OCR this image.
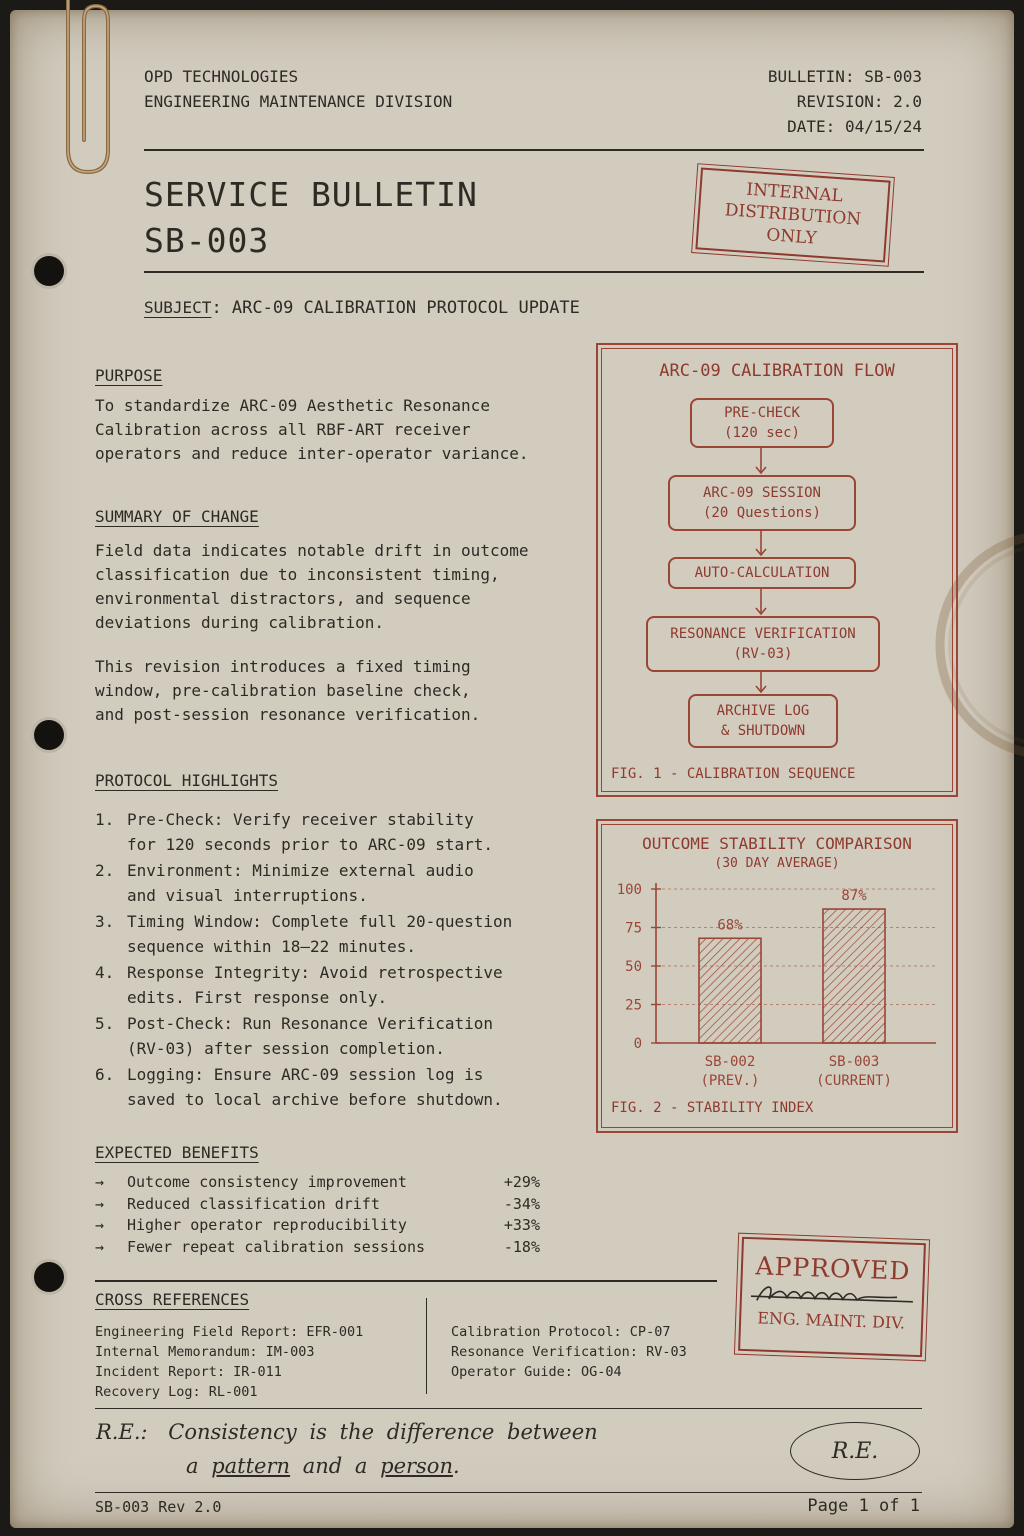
OPD TECHNOLOGIES
ENGINEERING MAINTENANCE DIVISION
BULLETIN: SB-003
REVISION: 2.0
DATE: 04/15/24
SERVICE BULLETIN
SB-003
INTERNAL
DISTRIBUTION
ONLY
SUBJECT: ARC-09 CALIBRATION PROTOCOL UPDATE
PURPOSE
To standardize ARC-09 Aesthetic Resonance
Calibration across all RBF-ART receiver
operators and reduce inter-operator variance.
SUMMARY OF CHANGE
Field data indicates notable drift in outcome
classification due to inconsistent timing,
environmental distractors, and sequence
deviations during calibration.
This revision introduces a fixed timing
window, pre-calibration baseline check,
and post-session resonance verification.
PROTOCOL HIGHLIGHTS
1. Pre-Check: Verify receiver stability
for 120 seconds prior to ARC-09 start.
2. Environment: Minimize external audio
and visual interruptions.
3. Timing Window: Complete full 20-question
sequence within 18–22 minutes.
4. Response Integrity: Avoid retrospective
edits. First response only.
5. Post-Check: Run Resonance Verification
(RV-03) after session completion.
6. Logging: Ensure ARC-09 session log is
saved to local archive before shutdown.
EXPECTED BENEFITS
→ Outcome consistency improvement	+29%
→ Reduced classification drift	-34%
→ Higher operator reproducibility	+33%
→ Fewer repeat calibration sessions	-18%
ARC-09 CALIBRATION FLOW
PRE-CHECK
(120 sec)
ARC-09 SESSION
(20 Questions)
AUTO-CALCULATION
RESONANCE VERIFICATION
(RV-03)
ARCHIVE LOG
& SHUTDOWN
FIG. 1 - CALIBRATION SEQUENCE
OUTCOME STABILITY COMPARISON
(30 DAY AVERAGE)
100
75
50
25
0
68%
SB-002
(PREV.)
87%
SB-003
(CURRENT)
FIG. 2 - STABILITY INDEX
CROSS REFERENCES
Engineering Field Report: EFR-001
Internal Memorandum: IM-003
Incident Report: IR-011
Recovery Log: RL-001
Calibration Protocol: CP-07
Resonance Verification: RV-03
Operator Guide: OG-04
APPROVED
ENG. MAINT. DIV.
R.E.: Consistency is the difference between
a pattern and a person.
R.E.
SB-003 Rev 2.0	Page 1 of 1
